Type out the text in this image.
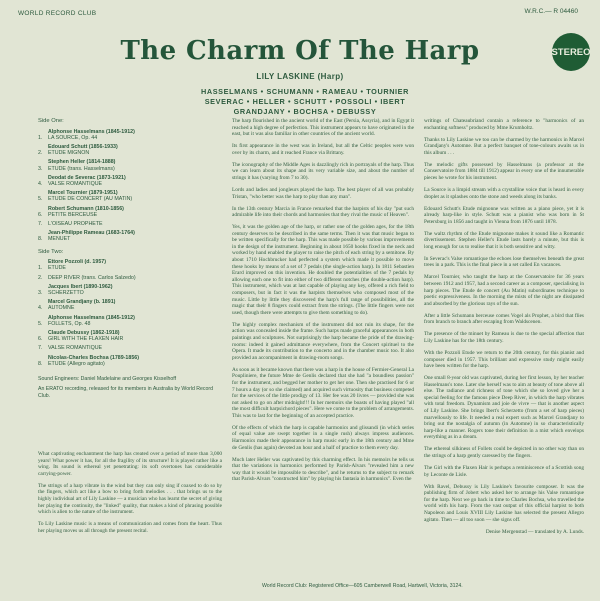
WORLD RECORD CLUB	W.R.C.— R 04460
The Charm Of The Harp	STEREO
LILY LASKINE (Harp)
HASSELMANS • SCHUMANN • RAMEAU • TOURNIER
SEVERAC • HELLER • SCHUTT • POSSOLI • IBERT
GRANDJANY • BOCHSA • DEBUSSY
Side One:
Alphonse Hasselmans (1845-1912)
1.	LA SOURCE, Op. 44
Edouard Schutt (1856-1933)
2.	ETUDE MIGNON
Stephen Heller (1814-1888)
3.	ETUDE (trans. Hasselmans)
Deodat de Severac (1873-1921)
4.	VALSE ROMANTIQUE
Marcel Tournier (1879-1951)
5.	ETUDE DE CONCERT (AU MATIN)
Robert Schumann (1810-1856)
6.	PETITE BERCEUSE
7.	L'OISEAU PROPHETE
Jean-Philippe Rameau (1683-1764)
8.	MENUET
Side Two:
Ettore Pozzoli (d. 1957)
1.	ETUDE
2.	DEEP RIVER (trans. Carlos Salzedo)
Jacques Ibert (1890-1962)
3.	SCHERZETTO
Marcel Grandjany (b. 1891)
4.	AUTOMNE
Alphonse Hasselmans (1845-1912)
5.	FOLLETS, Op. 48
Claude Debussy (1862-1918)
6.	GIRL WITH THE FLAXEN HAIR
7.	VALSE ROMANTIQUE
Nicolas-Charles Bochsa (1789-1856)
8.	ETUDE (Allegro agitato)
Sound Engineers: Daniel Madelaine and Georges Kisselhoff
An ERATO recording, released for its members in Australia by World Record Club.

What captivating enchantment the harp has created over a period of more than 3,000 years! What power it has, for all the fragility of its structure! It is played rather like a wing. Its sound is ethereal yet penetrating: its soft overtones has considerable carrying-power.

The strings of a harp vibrate in the wind but they can only sing if coaxed to do so by the fingers, which act like a bow to bring forth melodies . . . that brings us to the highly individual art of Lily Laskine — a musician who has learnt the secret of giving her playing the continuity, the "linked" quality, that makes a kind of phrasing possible which is alien to the nature of the instrument.

To Lily Laskine music is a means of communication and comes from the heart. Thus her playing moves us all through the present recital.

The harp flourished in the ancient world of the East (Persia, Assyria), and in Egypt it reached a high degree of perfection. This instrument appears to have originated in the east, but it was also familiar in other countries of the ancient world.

Its first appearance in the west was in Ireland, but all the Celtic peoples were won over by its charm, and it reached France via Brittany.

The iconography of the Middle Ages is dazzlingly rich in portrayals of the harp. Thus we can learn about its shape and its very variable size, and about the number of strings it has (varying from 7 to 30).

Lords and ladies and jongleurs played the harp. The best player of all was probably Tristan, "who better was the harp to play than any man".

In the 13th century Marcia in France remarked that the harpists of his day "put such admirable life into their chords and harmonies that they rival the music of Heaven".

Yes, it was the golden age of the harp, or rather one of the golden ages, for the 18th century deserves to be described in the same terms. Then it was that music began to be written specifically for the harp. This was made possible by various improvements in the design of the instrument. Beginning in about 1650 hooks fixed in the neck and worked by hand enabled the player to raise the pitch of each string by a semitone. By about 1710 Hochbrucker had perfected a system which made it possible to move these hooks by means of a set of 7 pedals (the single-action harp). In 1811 Sebastien Erard improved on this invention. He doubled the potentialities of the 7 pedals by allowing each one to fit into either of two different notches (the double-action harp). This instrument, which was at last capable of playing any key, offered a rich field to composers, but in fact it was the harpists themselves who composed most of the music. Little by little they discovered the harp's full range of possibilities, all the magic that their 8 fingers could extract from the strings. (The little fingers were not used, though there were attempts to give them something to do).

The highly complex mechanism of the instrument did not ruin its shape, for the action was concealed inside the frame. Such harps made graceful appearances in both paintings and sculptures. Not surprisingly the harp became the pride of the drawing-rooms: indeed it gained admittance everywhere, from the Concert spirituel to the Opera. It made its contribution to the concerto and in the chamber music too. It also provided an accompaniment in drawing-room songs.

As soon as it became known that there was a harp in the house of Fermier-General La Poupliniere, the future Mme de Genlis declared that she had "a boundless passion" for the instrument, and begged her mother to get her one. Then she practised for 6 or 7 hours a day (or so she claimed) and acquired such virtuosity that business competed for the services of the little prodigy of 13. Her fee was 20 livres — provided she was not asked to go on after midnight!!! In her memoirs she boasts of having played "all the most difficult harpsichord pieces". Here we come to the problem of arrangements. This was to last for the beginning of an accepted practice.

Of the effects of which the harp is capable harmonics and glissandi (in which series of equal value are swept together in a single rush) always impress audiences. Harmonics made their appearance in harp music early in the 18th century and Mme de Genlis (has again) devoted an hour and a half of practice to them every day.

Much later Heller was captivated by this charming effect. In his memoirs he tells us that the variations in harmonics performed by Parish-Alvars "revealed him a new way that it would be impossible to describe", and he returns to the subject to remark that Parish-Alvars "constructed him" by playing his fantasia in harmonics". Even the

writings of Chateaubriand contain a reference to "harmonics of an enchanting softness" produced by Mme Krumholtz.

Thanks to Lily Laskine we too can be charmed by the harmonics in Marcel Grandjany's Automne. But a perfect banquet of tone-colours awaits us in this album . . .

The melodic gifts possessed by Hasselmans (a professor at the Conservatoire from 1884 till 1912) appear in every one of the innumerable pieces he wrote for his instrument.

La Source is a limpid stream with a crystalline voice that is heard in every droplet as it splashes onto the stone and weeds along its banks.

Edouard Schutt's Etude mignonne was written as a piano piece, yet it is already harp-like in style. Schutt was a pianist who was born in St Petersburg in 1856 and taught in Vienna from 1876 until 1878.

The waltz rhythm of the Etude mignonne makes it sound like a Romantic divertissement. Stephen Heller's Etude lasts barely a minute, but this is long enough for us to realise that it is both sensitive and witty.

In Severac's Valse romantique the echoes lose themselves beneath the great trees in a park. This is the final piece in a set called En vacances.

Marcel Tournier, who taught the harp at the Conservatoire for 36 years between 1912 and 1957, had a second career as a composer, specialising in harp pieces. The Etude de concert (Au Matin) subordinates technique to poetic expressiveness. In the morning the mists of the night are dissipated and absorbed by the glorious rays of the sun.

After a little Schumann berceuse comes Vogel als Prophet, a bird that flies from branch to branch after escaping from Waldscenen.

The presence of the minuet by Rameau is due to the special affection that Lily Laskine has for the 18th century.

With the Pozzoli Etude we return to the 20th century, for this pianist and composer died in 1957. This brilliant and expressive study might easily have been written for the harp.

One small 8-year old was captivated, during her first lesson, by her teacher Hasselmans's tone. Later she herself was to aim at beauty of tone above all else. The radiance and richness of tone which she so loved give her a special feeling for the famous piece Deep River, in which the harp vibrates with total freedom. Dynamism and joie de vivre — that is another aspect of Lily Laskine. She brings Ibert's Scherzetto (from a set of harp pieces) marvellously to life. It needed a real expert such as Marcel Grandjany to bring out the nostalgia of autumn (in Automne) in so characteristically harp-like a manner. Rogers tone their definition in a mist which envelops everything as in a dream.

The ethereal silkiness of Follets could be depicted in no other way than on the strings of a harp gently caressed by the fingers.

The Girl with the Flaxen Hair is perhaps a reminiscence of a Scottish song by Leconte de Lisle.

With Ravel, Debussy is Lily Laskine's favourite composer. It was the publishing firm of Jobert who asked her to arrange his Valse romantique for the harp. Next we go back in time to Charles Bochsa, who travelled the world with his harp. From the vast output of this official harpist to both Napoleon and Louis XVIII Lily Laskine has selected the present Allegro agitato. Then — all too soon — she signs off.

Denise Mergenstad — translated by A. Lunds.

World Record Club: Registered Office—605 Camberwell Road, Hartwell, Victoria, 3124.
